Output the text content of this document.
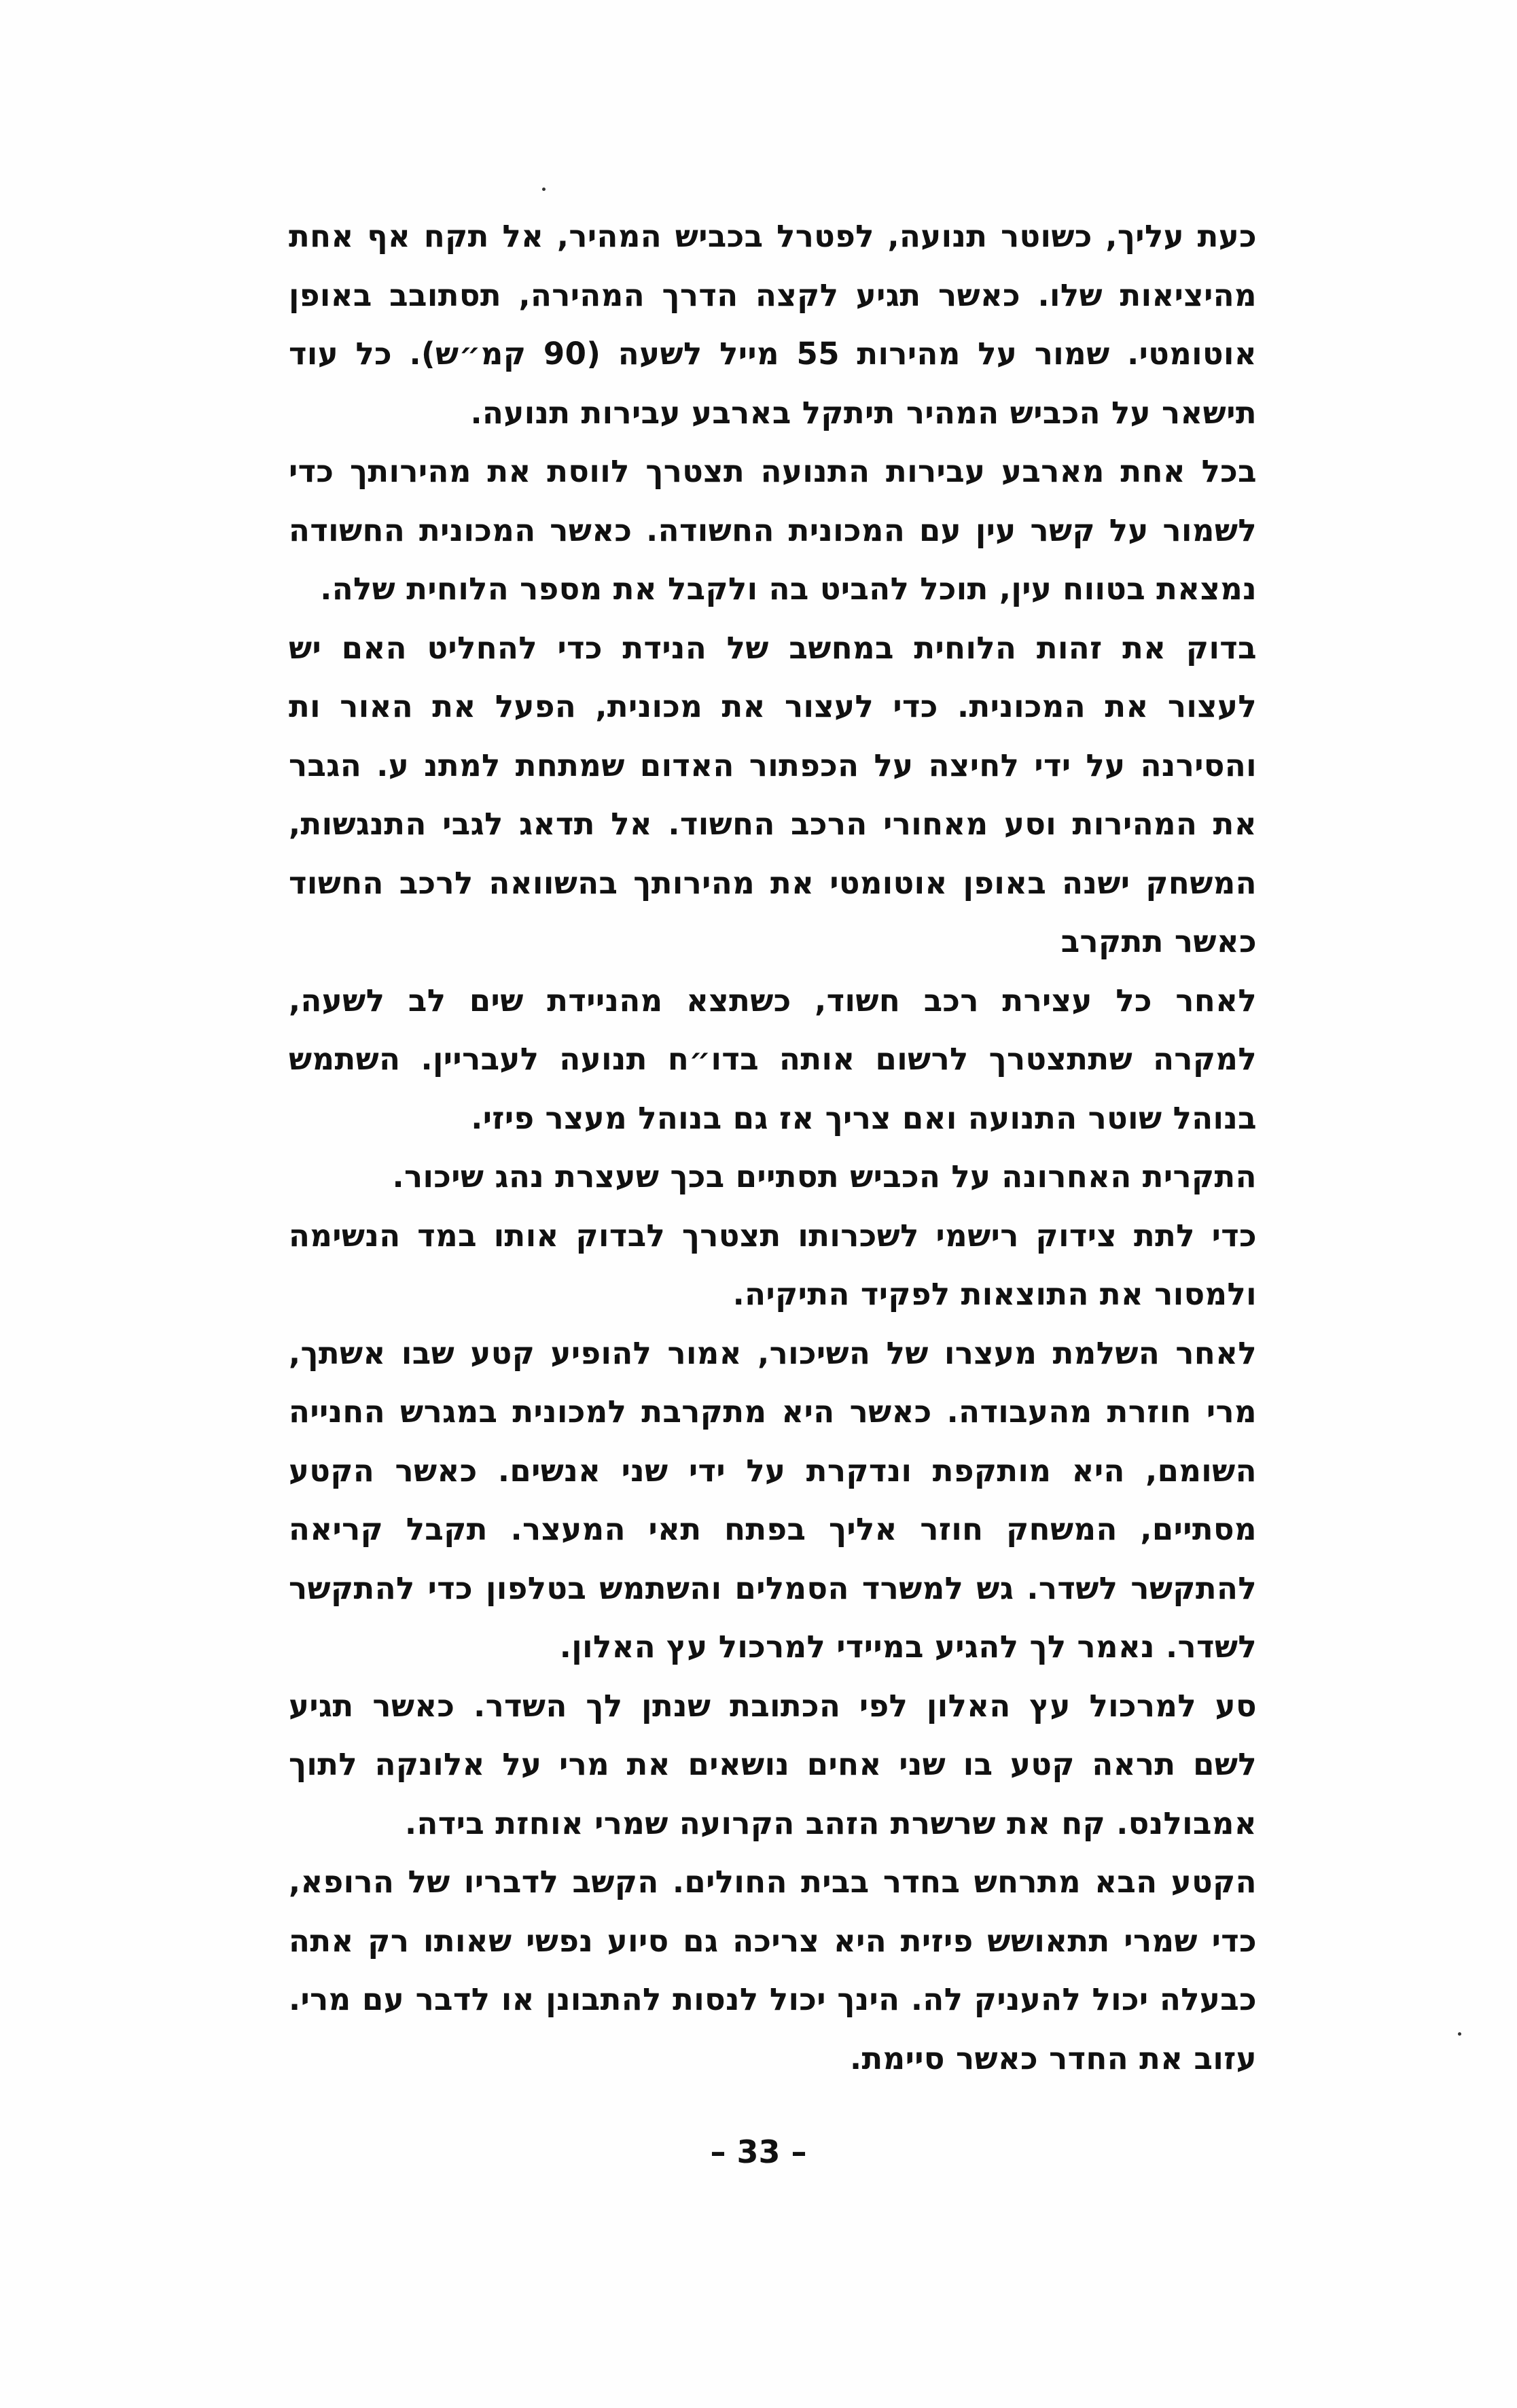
כעת עליך, כשוטר תנועה, לפטרל בכביש המהיר, אל תקח אף אחת
מהיציאות שלו. כאשר תגיע לקצה הדרך המהירה, תסתובב באופן
אוטומטי. שמור על מהירות 55 מייל לשעה (90 קמ״ש). כל עוד
תישאר על הכביש המהיר תיתקל בארבע עבירות תנועה.

בכל אחת מארבע עבירות התנועה תצטרך לווסת את מהירותך כדי
לשמור על קשר עין עם המכונית החשודה. כאשר המכונית החשודה
נמצאת בטווח עין, תוכל להביט בה ולקבל את מספר הלוחית שלה.

בדוק את זהות הלוחית במחשב של הנידת כדי להחליט האם יש
לעצור את המכונית. כדי לעצור את מכונית, הפעל את האור ות
והסירנה על ידי לחיצה על הכפתור האדום שמתחת למתנ ע. הגבר
את המהירות וסע מאחורי הרכב החשוד. אל תדאג לגבי התנגשות,
המשחק ישנה באופן אוטומטי את מהירותך בהשוואה לרכב החשוד
כאשר תתקרב

לאחר כל עצירת רכב חשוד, כשתצא מהניידת שים לב לשעה,
למקרה שתתצטרך לרשום אותה בדו״ח תנועה לעבריין. השתמש
בנוהל שוטר התנועה ואם צריך אז גם בנוהל מעצר פיזי.

התקרית האחרונה על הכביש תסתיים בכך שעצרת נהג שיכור.

כדי לתת צידוק רישמי לשכרותו תצטרך לבדוק אותו במד הנשימה
ולמסור את התוצאות לפקיד התיקיה.

לאחר השלמת מעצרו של השיכור, אמור להופיע קטע שבו אשתך,
מרי חוזרת מהעבודה. כאשר היא מתקרבת למכונית במגרש החנייה
השומם, היא מותקפת ונדקרת על ידי שני אנשים. כאשר הקטע
מסתיים, המשחק חוזר אליך בפתח תאי המעצר. תקבל קריאה
להתקשר לשדר. גש למשרד הסמלים והשתמש בטלפון כדי להתקשר
לשדר. נאמר לך להגיע במיידי למרכול עץ האלון.

סע למרכול עץ האלון לפי הכתובת שנתן לך השדר. כאשר תגיע
לשם תראה קטע בו שני אחים נושאים את מרי על אלונקה לתוך
אמבולנס. קח את שרשרת הזהב הקרועה שמרי אוחזת בידה.

הקטע הבא מתרחש בחדר בבית החולים. הקשב לדבריו של הרופא,
כדי שמרי תתאושש פיזית היא צריכה גם סיוע נפשי שאותו רק אתה
כבעלה יכול להעניק לה. הינך יכול לנסות להתבונן או לדבר עם מרי.
עזוב את החדר כאשר סיימת.

– 33 –
